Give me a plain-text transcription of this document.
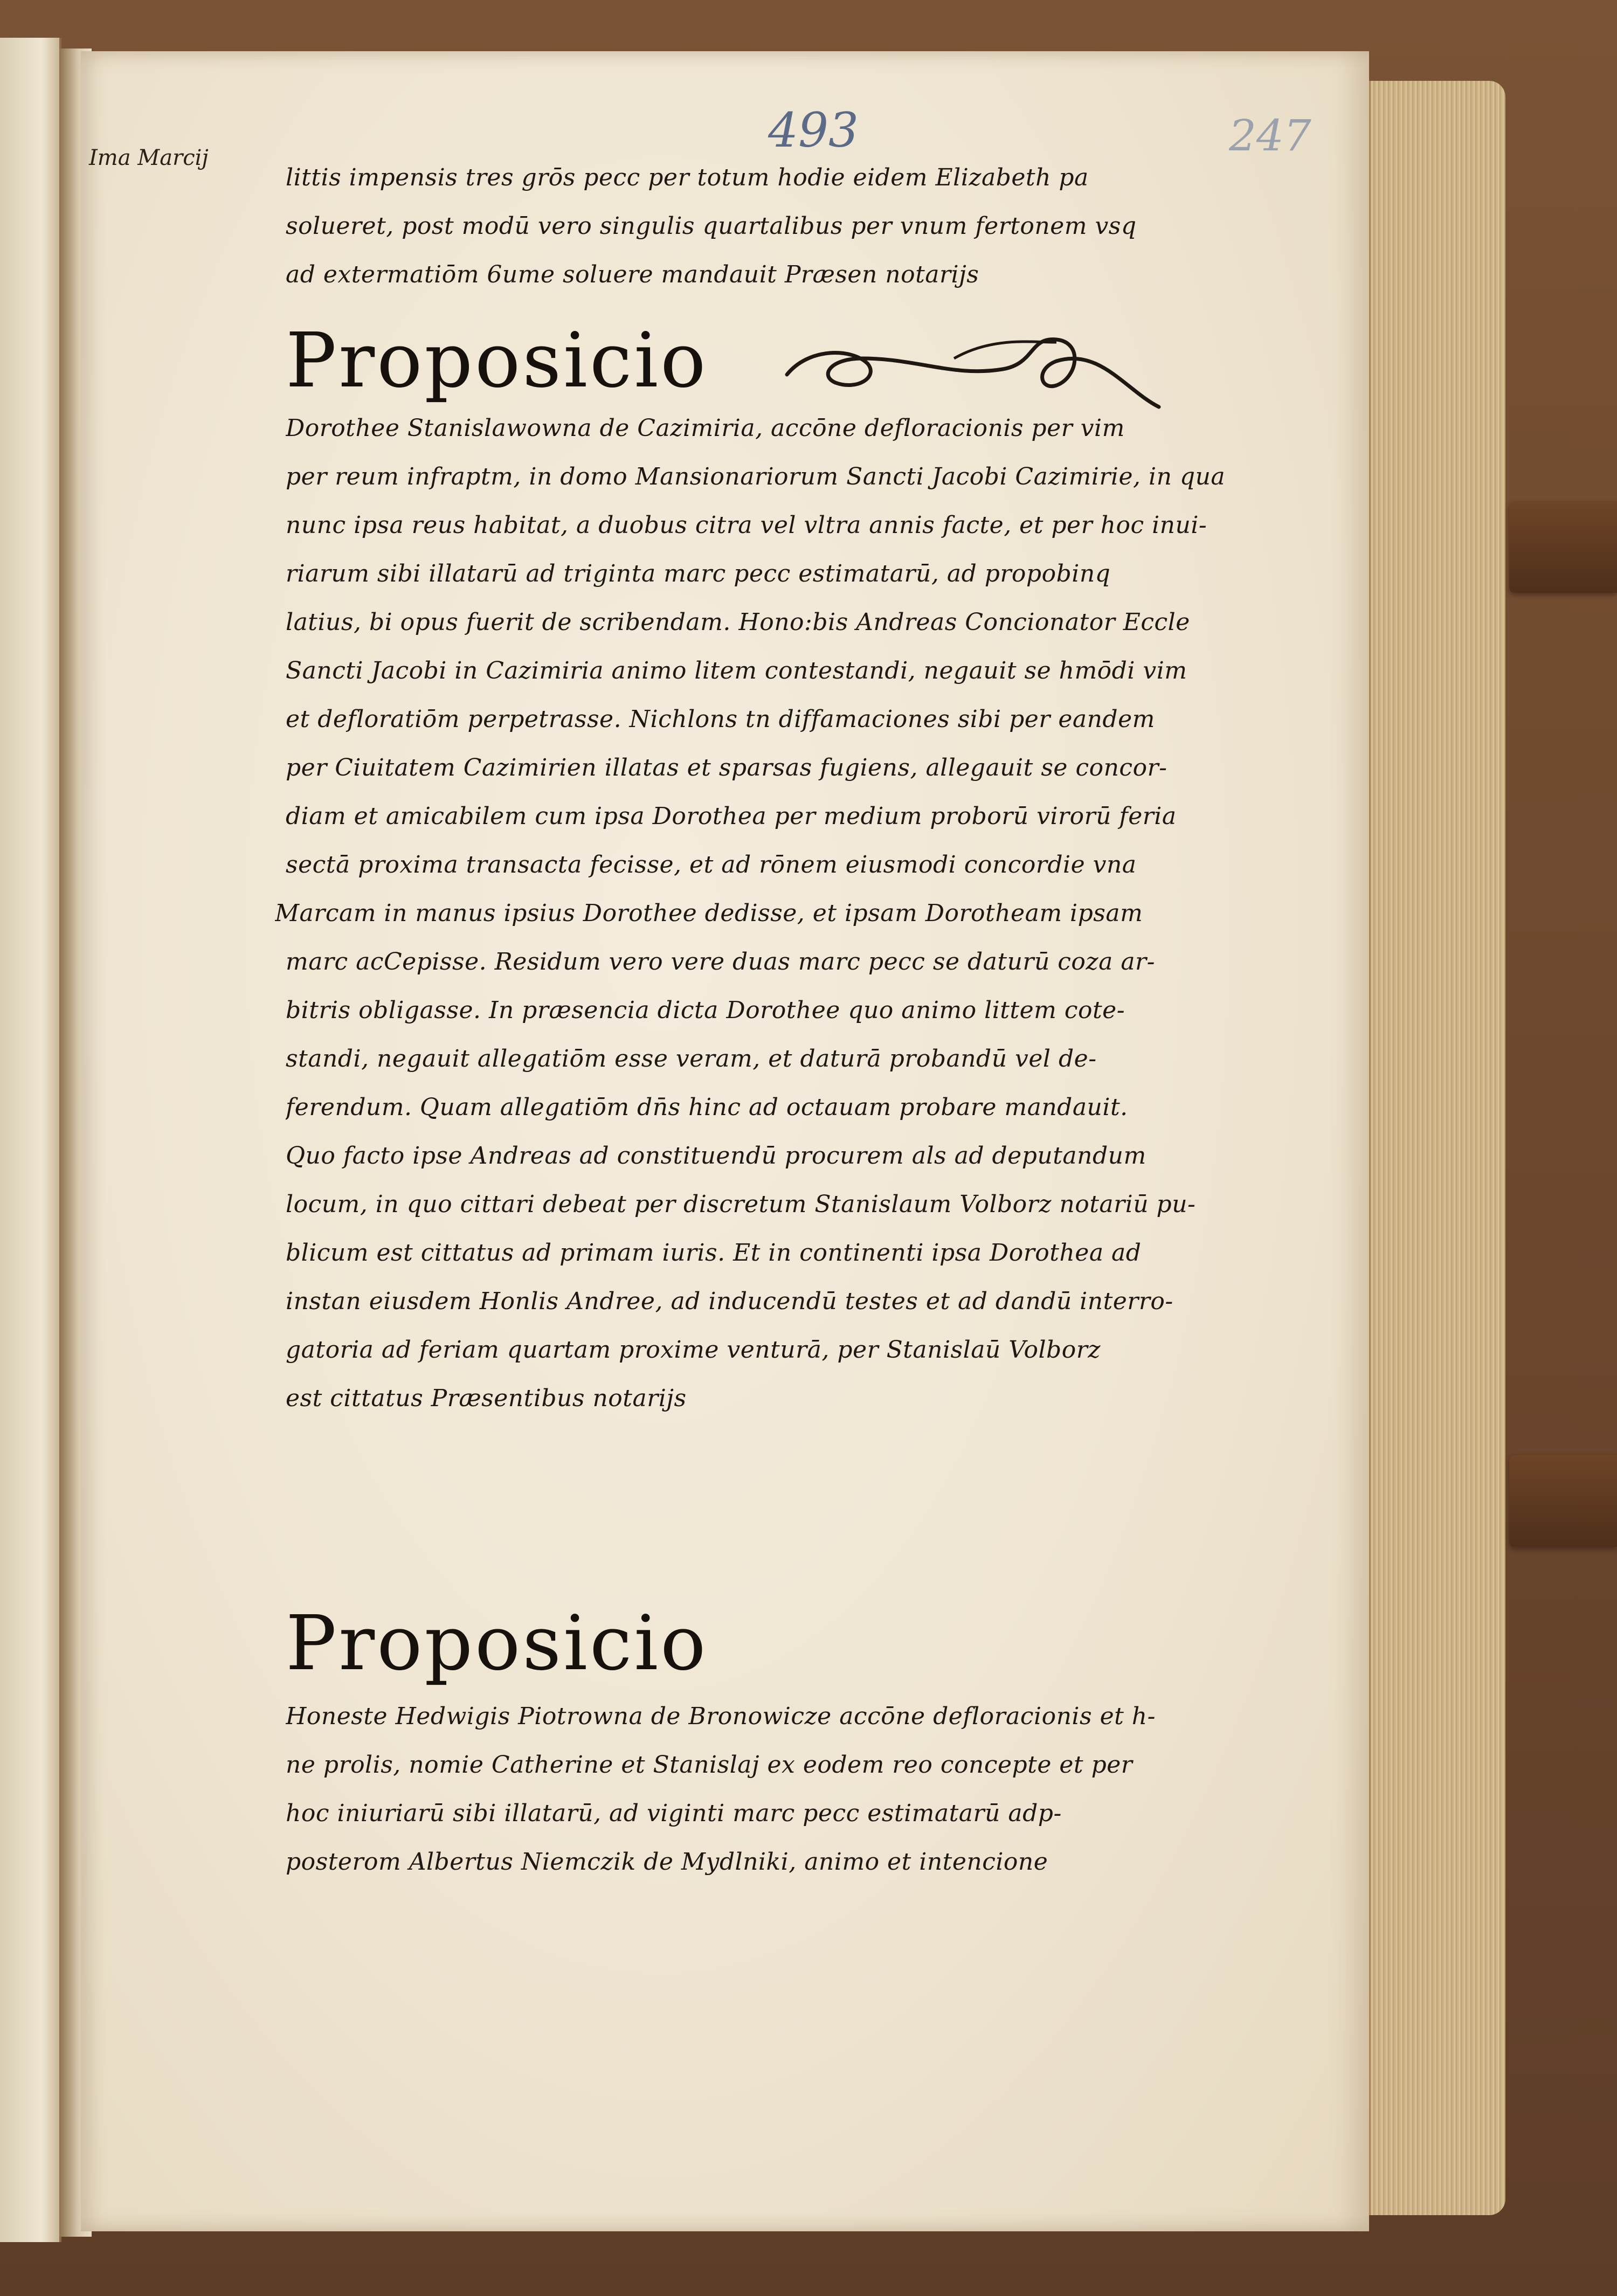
493	247
Ima Marcij
littis impensis tres grōs pecc per totum hodie eidem Elizabeth pa
solueret, post modū vero singulis quartalibus per vnum fertonem vsq
ad extermatiōm 6ume soluere mandauit Præsen notarijs
Proposicio
Dorothee Stanislawowna de Cazimiria, accōne defloracionis per vim
per reum infraptm, in domo Mansionariorum Sancti Jacobi Cazimirie, in qua
nunc ipsa reus habitat, a duobus citra vel vltra annis facte, et per hoc inui-
riarum sibi illatarū ad triginta marc pecc estimatarū, ad propobinq
latius, bi opus fuerit de scribendam. Hono:bis Andreas Concionator Eccle
Sancti Jacobi in Cazimiria animo litem contestandi, negauit se hmōdi vim
et defloratiōm perpetrasse. Nichlons tn diffamaciones sibi per eandem
per Ciuitatem Cazimirien illatas et sparsas fugiens, allegauit se concor-
diam et amicabilem cum ipsa Dorothea per medium proborū virorū feria
sectā proxima transacta fecisse, et ad rōnem eiusmodi concordie vna
Marcam in manus ipsius Dorothee dedisse, et ipsam Dorotheam ipsam
marc acCepisse. Residum vero vere duas marc pecc se daturū coza ar-
bitris obligasse. In præsencia dicta Dorothee quo animo littem cote-
standi, negauit allegatiōm esse veram, et daturā probandū vel de-
ferendum. Quam allegatiōm dn̄s hinc ad octauam probare mandauit.
Quo facto ipse Andreas ad constituendū procurem als ad deputandum
locum, in quo cittari debeat per discretum Stanislaum Volborz notariū pu-
blicum est cittatus ad primam iuris. Et in continenti ipsa Dorothea ad
instan eiusdem Honlis Andree, ad inducendū testes et ad dandū interro-
gatoria ad feriam quartam proxime venturā, per Stanislaū Volborz
est cittatus Præsentibus notarijs
Proposicio
Honeste Hedwigis Piotrowna de Bronowicze accōne defloracionis et h-
ne prolis, nomie Catherine et Stanislaj ex eodem reo concepte et per
hoc iniuriarū sibi illatarū, ad viginti marc pecc estimatarū adp-
posterom Albertus Niemczik de Mydlniki, animo et intencione
